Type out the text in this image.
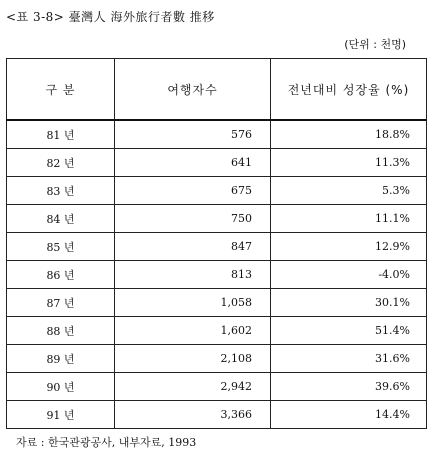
<표 3-8> 臺灣人 海外旅行者數 推移
(단위 : 천명)
구 분	여행자수	전년대비 성장율 (%)
81 년	576	18.8%
82 년	641	11.3%
83 년	675	5.3%
84 년	750	11.1%
85 년	847	12.9%
86 년	813	-4.0%
87 년	1,058	30.1%
88 년	1,602	51.4%
89 년	2,108	31.6%
90 년	2,942	39.6%
91 년	3,366	14.4%
자료 : 한국관광공사, 내부자료, 1993
